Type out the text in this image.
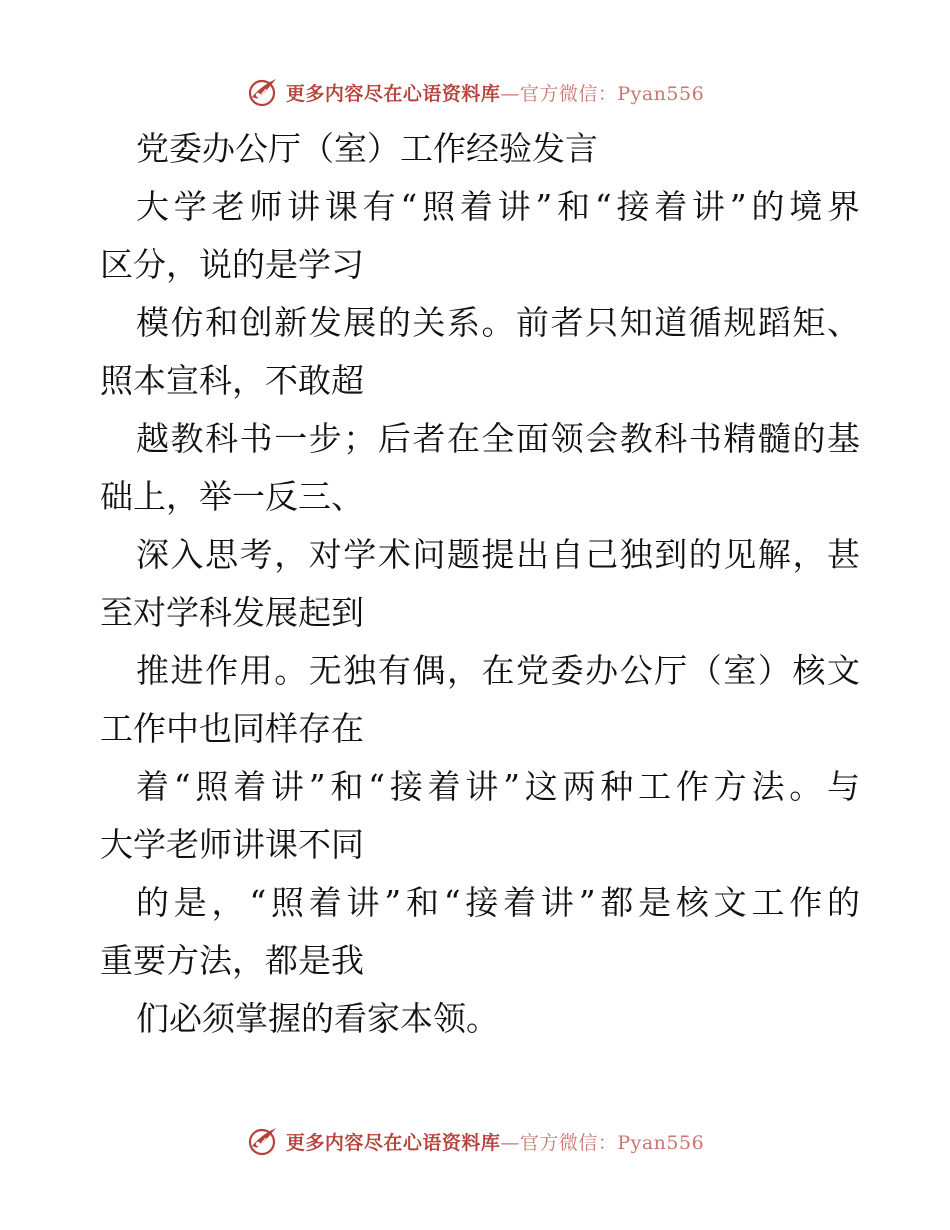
更多内容尽在心语资料库—官方微信：Pyan556
党委办公厅（室）工作经验发言

大学老师讲课有“照着讲”和“接着讲”的境界
区分，说的是学习

模仿和创新发展的关系。前者只知道循规蹈矩、
照本宣科，不敢超

越教科书一步；后者在全面领会教科书精髓的基
础上，举一反三、

深入思考，对学术问题提出自己独到的见解，甚
至对学科发展起到

推进作用。无独有偶，在党委办公厅（室）核文
工作中也同样存在

着“照着讲”和“接着讲”这两种工作方法。与
大学老师讲课不同

的是，“照着讲”和“接着讲”都是核文工作的
重要方法，都是我

们必须掌握的看家本领。

更多内容尽在心语资料库—官方微信：Pyan556
